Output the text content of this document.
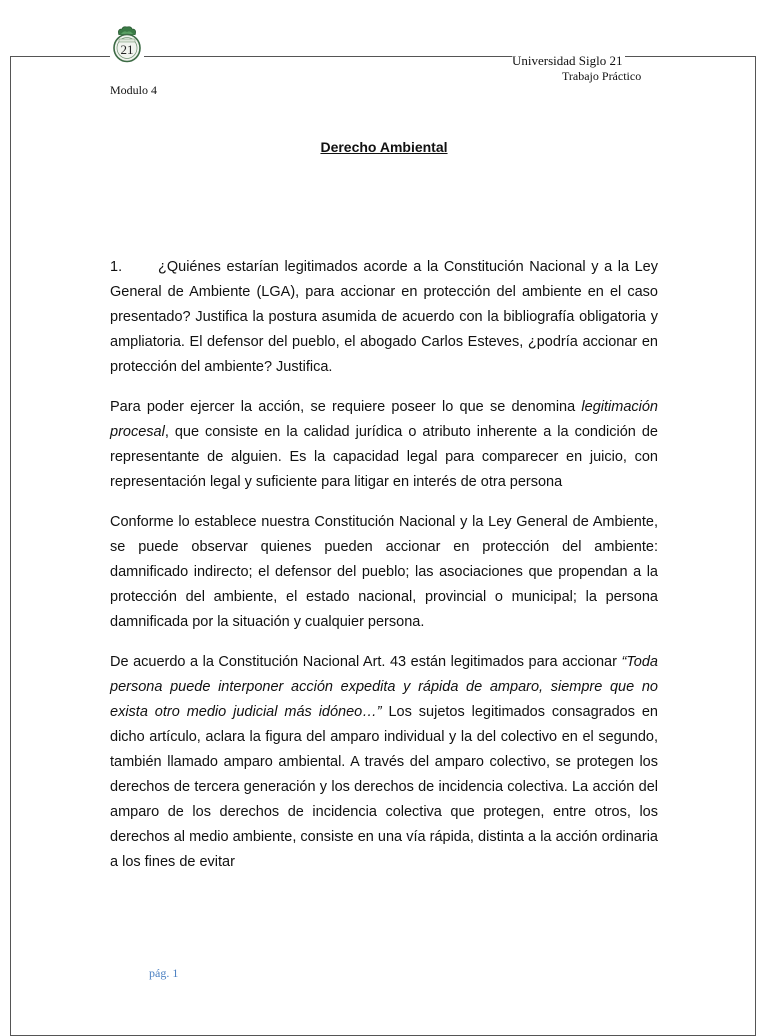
21
Universidad Siglo 21
Trabajo Práctico
Modulo 4
Derecho Ambiental

1. ¿Quiénes estarían legitimados acorde a la Constitución Nacional y a la Ley General de Ambiente (LGA), para accionar en protección del ambiente en el caso presentado? Justifica la postura asumida de acuerdo con la bibliografía obligatoria y ampliatoria. El defensor del pueblo, el abogado Carlos Esteves, ¿podría accionar en protección del ambiente? Justifica.

Para poder ejercer la acción, se requiere poseer lo que se denomina legitimación procesal, que consiste en la calidad jurídica o atributo inherente a la condición de representante de alguien. Es la capacidad legal para comparecer en juicio, con representación legal y suficiente para litigar en interés de otra persona

Conforme lo establece nuestra Constitución Nacional y la Ley General de Ambiente, se puede observar quienes pueden accionar en protección del ambiente: damnificado indirecto; el defensor del pueblo; las asociaciones que propendan a la protección del ambiente, el estado nacional, provincial o municipal; la persona damnificada por la situación y cualquier persona.

De acuerdo a la Constitución Nacional Art. 43 están legitimados para accionar “Toda persona puede interponer acción expedita y rápida de amparo, siempre que no exista otro medio judicial más idóneo…” Los sujetos legitimados consagrados en dicho artículo, aclara la figura del amparo individual y la del colectivo en el segundo, también llamado amparo ambiental. A través del amparo colectivo, se protegen los derechos de tercera generación y los derechos de incidencia colectiva. La acción del amparo de los derechos de incidencia colectiva que protegen, entre otros, los derechos al medio ambiente, consiste en una vía rápida, distinta a la acción ordinaria a los fines de evitar

pág. 1
